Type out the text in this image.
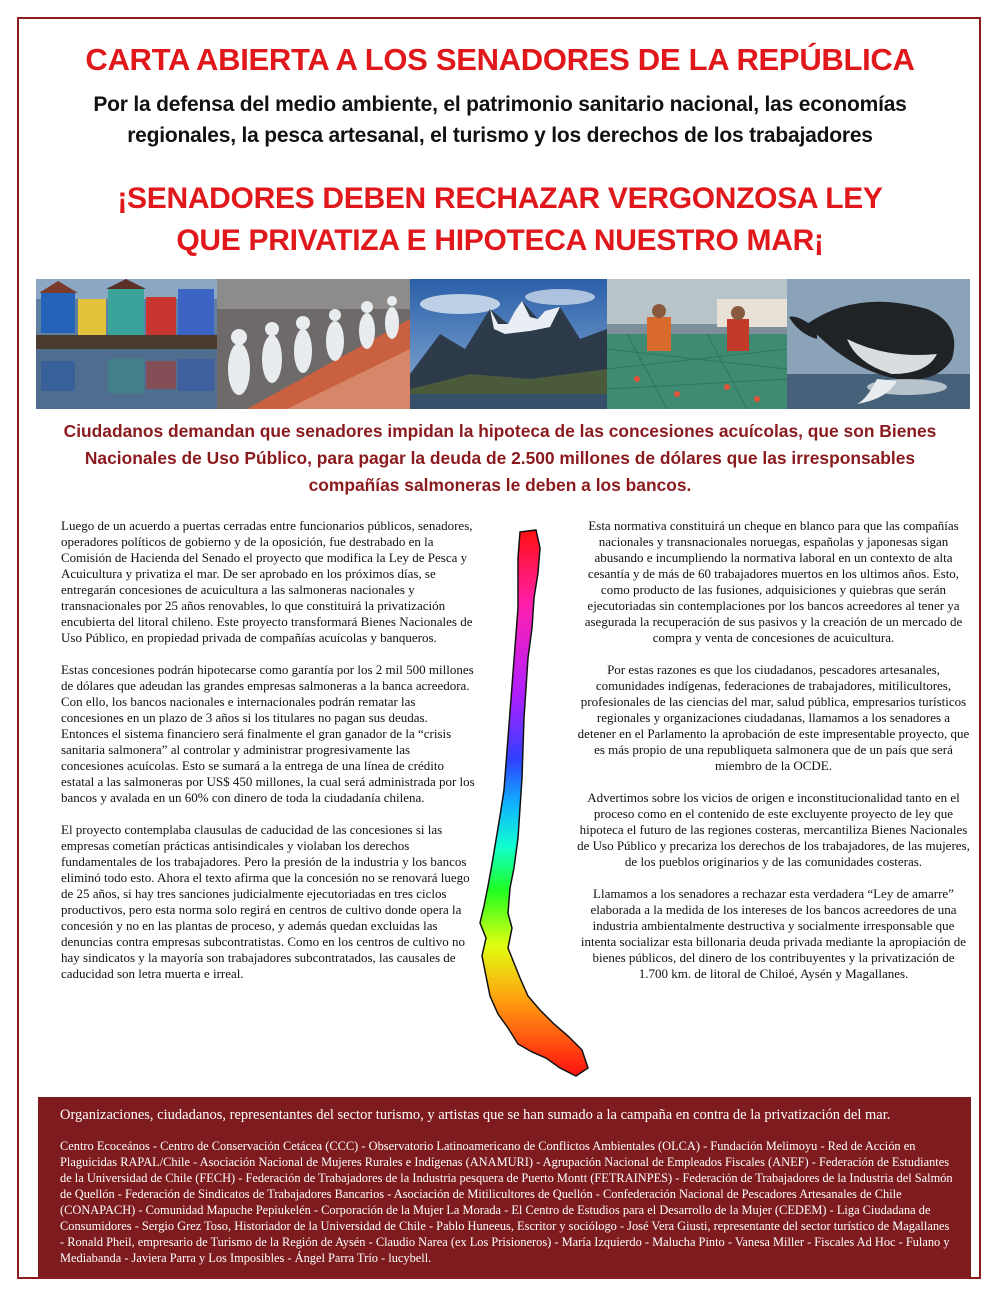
CARTA ABIERTA A LOS SENADORES DE LA REPÚBLICA
Por la defensa del medio ambiente, el patrimonio sanitario nacional, las economías regionales, la pesca artesanal, el turismo y los derechos de los trabajadores
¡SENADORES DEBEN RECHAZAR VERGONZOSA LEY
QUE PRIVATIZA E HIPOTECA NUESTRO MAR¡

Ciudadanos demandan que senadores impidan la hipoteca de las concesiones acuícolas, que son Bienes Nacionales de Uso Público, para pagar la deuda de 2.500 millones de dólares que las irresponsables compañías salmoneras le deben a los bancos.

Luego de un acuerdo a puertas cerradas entre funcionarios públicos, senadores, operadores políticos de gobierno y de la oposición, fue destrabado en la Comisión de Hacienda del Senado el proyecto que modifica la Ley de Pesca y Acuicultura y privatiza el mar. De ser aprobado en los próximos días, se entregarán concesiones de acuicultura a las salmoneras nacionales y transnacionales por 25 años renovables, lo que constituirá la privatización encubierta del litoral chileno. Este proyecto transformará Bienes Nacionales de Uso Público, en propiedad privada de compañías acuícolas y banqueros.

Estas concesiones podrán hipotecarse como garantía por los 2 mil 500 millones de dólares que adeudan las grandes empresas salmoneras a la banca acreedora. Con ello, los bancos nacionales e internacionales podrán rematar las concesiones en un plazo de 3 años si los titulares no pagan sus deudas. Entonces el sistema financiero será finalmente el gran ganador de la “crisis sanitaria salmonera” al controlar y administrar progresivamente las concesiones acuícolas. Esto se sumará a la entrega de una línea de crédito estatal a las salmoneras por US$ 450 millones, la cual será administrada por los bancos y avalada en un 60% con dinero de toda la ciudadanía chilena.

El proyecto contemplaba clausulas de caducidad de las concesiones si las empresas cometían prácticas antisindicales y violaban los derechos fundamentales de los trabajadores. Pero la presión de la industria y los bancos eliminó todo esto. Ahora el texto afirma que la concesión no se renovará luego de 25 años, si hay tres sanciones judicialmente ejecutoriadas en tres ciclos productivos, pero esta norma solo regirá en centros de cultivo donde opera la concesión y no en las plantas de proceso, y además quedan excluidas las denuncias contra empresas subcontratistas. Como en los centros de cultivo no hay sindicatos y la mayoría son trabajadores subcontratados, las causales de caducidad son letra muerta e irreal.

Esta normativa constituirá un cheque en blanco para que las compañías nacionales y transnacionales noruegas, españolas y japonesas sigan abusando e incumpliendo la normativa laboral en un contexto de alta cesantía y de más de 60 trabajadores muertos en los ultimos años. Esto, como producto de las fusiones, adquisiciones y quiebras que serán ejecutoriadas sin contemplaciones por los bancos acreedores al tener ya asegurada la recuperación de sus pasivos y la creación de un mercado de compra y venta de concesiones de acuicultura.

Por estas razones es que los ciudadanos, pescadores artesanales, comunidades indígenas, federaciones de trabajadores, mitilicultores, profesionales de las ciencias del mar, salud pública, empresarios turísticos regionales y organizaciones ciudadanas, llamamos a los senadores a detener en el Parlamento la aprobación de este impresentable proyecto, que es más propio de una republiqueta salmonera que de un país que será miembro de la OCDE.

Advertimos sobre los vicios de origen e inconstitucionalidad tanto en el proceso como en el contenido de este excluyente proyecto de ley que hipoteca el futuro de las regiones costeras, mercantiliza Bienes Nacionales de Uso Público y precariza los derechos de los trabajadores, de las mujeres, de los pueblos originarios y de las comunidades costeras.

Llamamos a los senadores a rechazar esta verdadera “Ley de amarre” elaborada a la medida de los intereses de los bancos acreedores de una industria ambientalmente destructiva y socialmente irresponsable que intenta socializar esta billonaria deuda privada mediante la apropiación de bienes públicos, del dinero de los contribuyentes y la privatización de 1.700 km. de litoral de Chiloé, Aysén y Magallanes.

Organizaciones, ciudadanos, representantes del sector turismo, y artistas que se han sumado a la campaña en contra de la privatización del mar.

Centro Ecoceános - Centro de Conservación Cetácea (CCC) - Observatorio Latinoamericano de Conflictos Ambientales (OLCA) - Fundación Melimoyu - Red de Acción en Plaguicidas RAPAL/Chile - Asociación Nacional de Mujeres Rurales e Indígenas (ANAMURI) - Agrupación Nacional de Empleados Fiscales (ANEF) - Federación de Estudiantes de la Universidad de Chile (FECH) - Federación de Trabajadores de la Industria pesquera de Puerto Montt (FETRAINPES) - Federación de Trabajadores de la Industria del Salmón de Quellón - Federación de Sindicatos de Trabajadores Bancarios - Asociación de Mitilicultores de Quellón - Confederación Nacional de Pescadores Artesanales de Chile (CONAPACH) - Comunidad Mapuche Pepiukelén - Corporación de la Mujer La Morada - El Centro de Estudios para el Desarrollo de la Mujer (CEDEM) - Liga Ciudadana de Consumidores - Sergio Grez Toso, Historiador de la Universidad de Chile - Pablo Huneeus, Escritor y sociólogo - José Vera Giusti, representante del sector turístico de Magallanes - Ronald Pheil, empresario de Turismo de la Región de Aysén - Claudio Narea (ex Los Prisioneros) - María Izquierdo - Malucha Pinto - Vanesa Miller - Fiscales Ad Hoc - Fulano y Mediabanda - Javiera Parra y Los Imposibles - Ángel Parra Trío - lucybell.
